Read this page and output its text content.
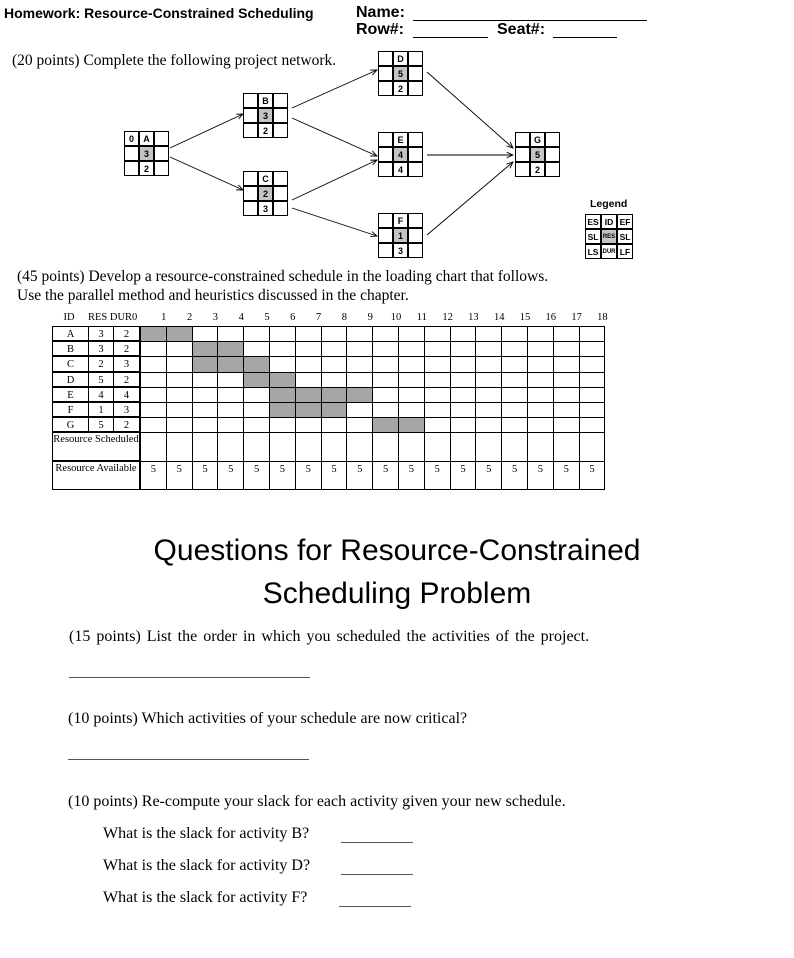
Homework: Resource-Constrained Scheduling	Name:
Row#:	Seat#:
(20 points) Complete the following project network.
0	A
3
2
B
3
2
C
2
3
D
5
2
E
4
4
F
1
3
G
5
2
Legend
ES ID EF
SL RES SL
LS DUR LF
(45 points) Develop a resource-constrained schedule in the loading chart that follows.
Use the parallel method and heuristics discussed in the chapter.
ID	RES DUR 0	1	2	3	4	5	6	7	8	9	10	11	12	13	14	15	16	17	18
A	3	2
B	3	2
C	2	3
D	5	2
E	4	4
F	1	3
G	5	2
Resource Scheduled
Resource Available	5	5	5	5	5	5	5	5	5	5	5	5	5	5	5	5	5	5
Questions for Resource-Constrained
Scheduling Problem
(15 points) List the order in which you scheduled the activities of the project.
(10 points) Which activities of your schedule are now critical?
(10 points) Re-compute your slack for each activity given your new schedule.
What is the slack for activity B?
What is the slack for activity D?
What is the slack for activity F?
